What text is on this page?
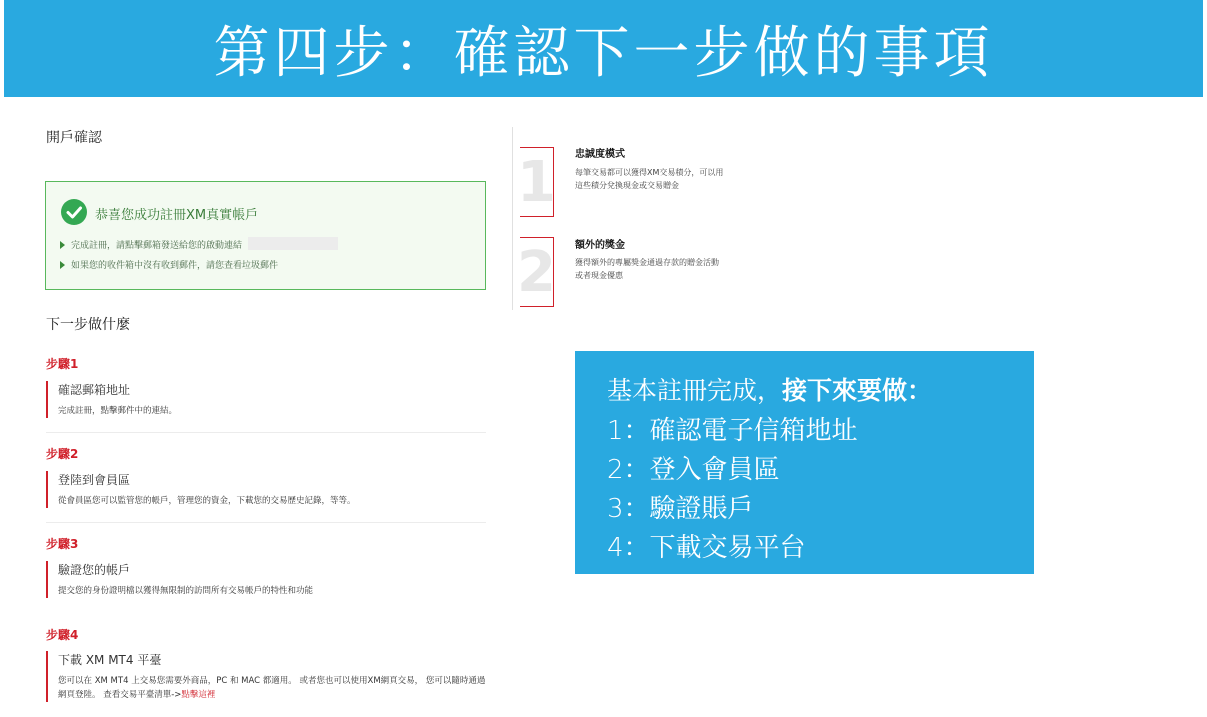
第四步：確認下一步做的事項
開戶確認
恭喜您成功註冊XM真實帳戶
完成註冊，請點擊郵箱發送給您的啟動連結
如果您的收件箱中沒有收到郵件，請您查看垃圾郵件
下一步做什麼
步驟1
確認郵箱地址
完成註冊，點擊郵件中的連結。
步驟2
登陸到會員區
從會員區您可以監管您的帳戶，管理您的資金，下載您的交易歷史記錄，等等。
步驟3
驗證您的帳戶
提交您的身份證明檔以獲得無限制的訪問所有交易帳戶的特性和功能
步驟4
下載 XM MT4 平臺
您可以在 XM MT4 上交易您需要外商品，PC 和 MAC 都適用。 或者您也可以使用XM網頁交易， 您可以隨時通過網頁登陸。 查看交易平臺清單->點擊這裡
1 忠誠度模式
每筆交易都可以獲得XM交易積分，可以用這些積分兌換現金或交易贈金
2 額外的獎金
獲得額外的專屬獎金通過存款的贈金活動或者現金優惠
基本註冊完成，接下來要做：
1：確認電子信箱地址
2：登入會員區
3：驗證賬戶
4：下載交易平台
